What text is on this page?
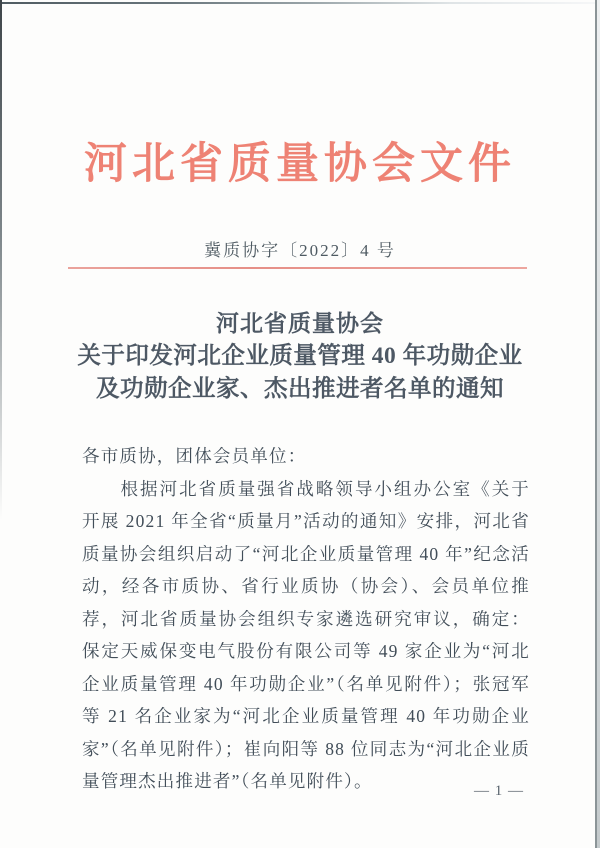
河北省质量协会文件
冀质协字〔2022〕4 号
河北省质量协会
关于印发河北企业质量管理 40 年功勋企业
及功勋企业家、杰出推进者名单的通知

各市质协，团体会员单位：

根据河北省质量强省战略领导小组办公室《关于开展 2021 年全省“质量月”活动的通知》安排，河北省质量协会组织启动了“河北企业质量管理 40 年”纪念活动，经各市质协、省行业质协（协会）、会员单位推荐，河北省质量协会组织专家遴选研究审议，确定：保定天威保变电气股份有限公司等 49 家企业为“河北企业质量管理 40 年功勋企业”（名单见附件）；张冠军等 21 名企业家为“河北企业质量管理 40 年功勋企业家”（名单见附件）；崔向阳等 88 位同志为“河北企业质量管理杰出推进者”（名单见附件）。	— 1 —
